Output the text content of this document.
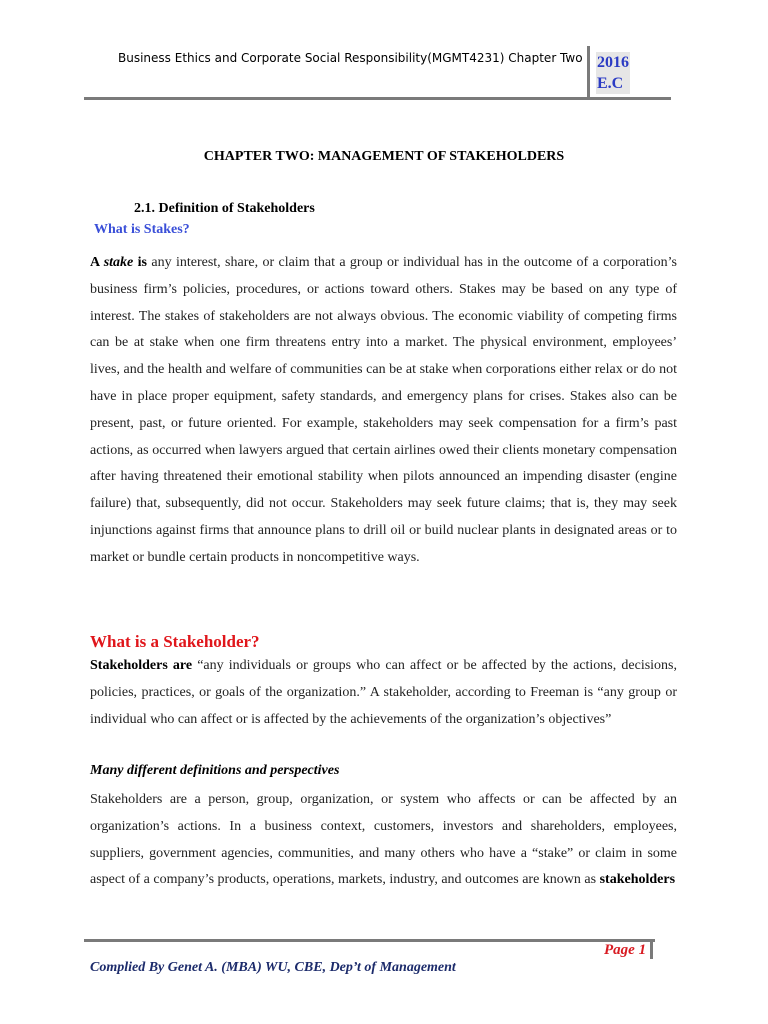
Business Ethics and Corporate Social Responsibility(MGMT4231) Chapter Two 2016
E.C
CHAPTER TWO: MANAGEMENT OF STAKEHOLDERS
2.1. Definition of Stakeholders
What is Stakes?
A stake is any interest, share, or claim that a group or individual has in the outcome of a corporation’s business firm’s policies, procedures, or actions toward others. Stakes may be based on any type of interest. The stakes of stakeholders are not always obvious. The economic viability of competing firms can be at stake when one firm threatens entry into a market. The physical environment, employees’ lives, and the health and welfare of communities can be at stake when corporations either relax or do not have in place proper equipment, safety standards, and emergency plans for crises. Stakes also can be present, past, or future oriented. For example, stakeholders may seek compensation for a firm’s past actions, as occurred when lawyers argued that certain airlines owed their clients monetary compensation after having threatened their emotional stability when pilots announced an impending disaster (engine failure) that, subsequently, did not occur. Stakeholders may seek future claims; that is, they may seek injunctions against firms that announce plans to drill oil or build nuclear plants in designated areas or to market or bundle certain products in noncompetitive ways.
What is a Stakeholder?
Stakeholders are “any individuals or groups who can affect or be affected by the actions, decisions, policies, practices, or goals of the organization.” A stakeholder, according to Freeman is “any group or individual who can affect or is affected by the achievements of the organization’s objectives”
Many different definitions and perspectives
Stakeholders are a person, group, organization, or system who affects or can be affected by an organization’s actions. In a business context, customers, investors and shareholders, employees, suppliers, government agencies, communities, and many others who have a “stake” or claim in some aspect of a company’s products, operations, markets, industry, and outcomes are known as stakeholders
Page 1
Complied By Genet A. (MBA) WU, CBE, Dep’t of Management
